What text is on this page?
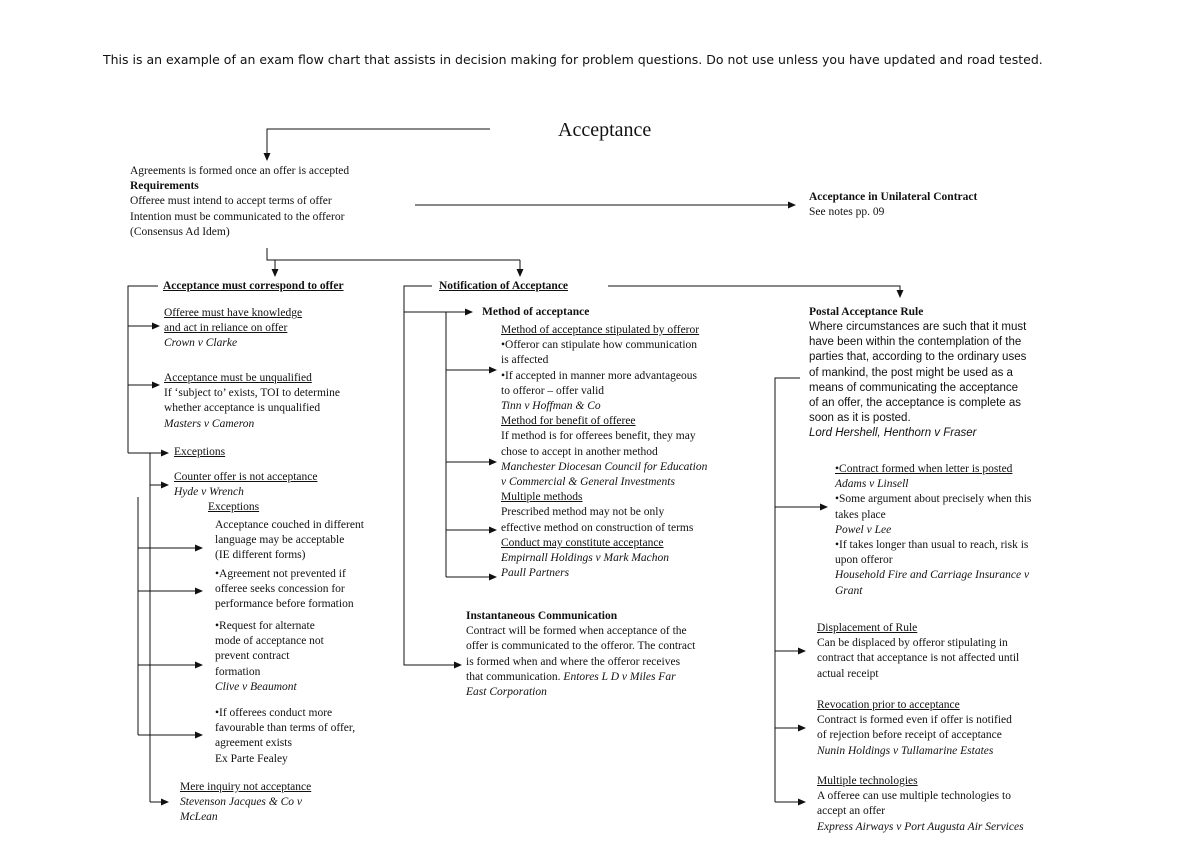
This is an example of an exam flow chart that assists in decision making for problem questions. Do not use unless you have updated and road tested.
Acceptance
Agreements is formed once an offer is accepted
Requirements
Offeree must intend to accept terms of offer
Intention must be communicated to the offeror
(Consensus Ad Idem)
Acceptance in Unilateral Contract
See notes pp. 09
Acceptance must correspond to offer
Offeree must have knowledge
and act in reliance on offer
Crown v Clarke
Acceptance must be unqualified
If ‘subject to’ exists, TOI to determine
whether acceptance is unqualified
Masters v Cameron
Exceptions
Counter offer is not acceptance
Hyde v Wrench
Exceptions
Acceptance couched in different
language may be acceptable
(IE different forms)
•Agreement not prevented if
offeree seeks concession for
performance before formation
•Request for alternate
mode of acceptance not
prevent contract
formation
Clive v Beaumont
•If offerees conduct more
favourable than terms of offer,
agreement exists
Ex Parte Fealey
Mere inquiry not acceptance
Stevenson Jacques & Co v
McLean
Notification of Acceptance
Method of acceptance
Method of acceptance stipulated by offeror
•Offeror can stipulate how communication
is affected
•If accepted in manner more advantageous
to offeror – offer valid
Tinn v Hoffman & Co
Method for benefit of offeree
If method is for offerees benefit, they may
chose to accept in another method
Manchester Diocesan Council for Education
v Commercial & General Investments
Multiple methods
Prescribed method may not be only
effective method on construction of terms
Conduct may constitute acceptance
Empirnall Holdings v Mark Machon
Paull Partners
Instantaneous Communication
Contract will be formed when acceptance of the
offer is communicated to the offeror. The contract
is formed when and where the offeror receives
that communication. Entores L D v Miles Far
East Corporation
Postal Acceptance Rule
Where circumstances are such that it must
have been within the contemplation of the
parties that, according to the ordinary uses
of mankind, the post might be used as a
means of communicating the acceptance
of an offer, the acceptance is complete as
soon as it is posted.
Lord Hershell, Henthorn v Fraser
•Contract formed when letter is posted
Adams v Linsell
•Some argument about precisely when this
takes place
Powel v Lee
•If takes longer than usual to reach, risk is
upon offeror
Household Fire and Carriage Insurance v
Grant
Displacement of Rule
Can be displaced by offeror stipulating in
contract that acceptance is not affected until
actual receipt
Revocation prior to acceptance
Contract is formed even if offer is notified
of rejection before receipt of acceptance
Nunin Holdings v Tullamarine Estates
Multiple technologies
A offeree can use multiple technologies to
accept an offer
Express Airways v Port Augusta Air Services
